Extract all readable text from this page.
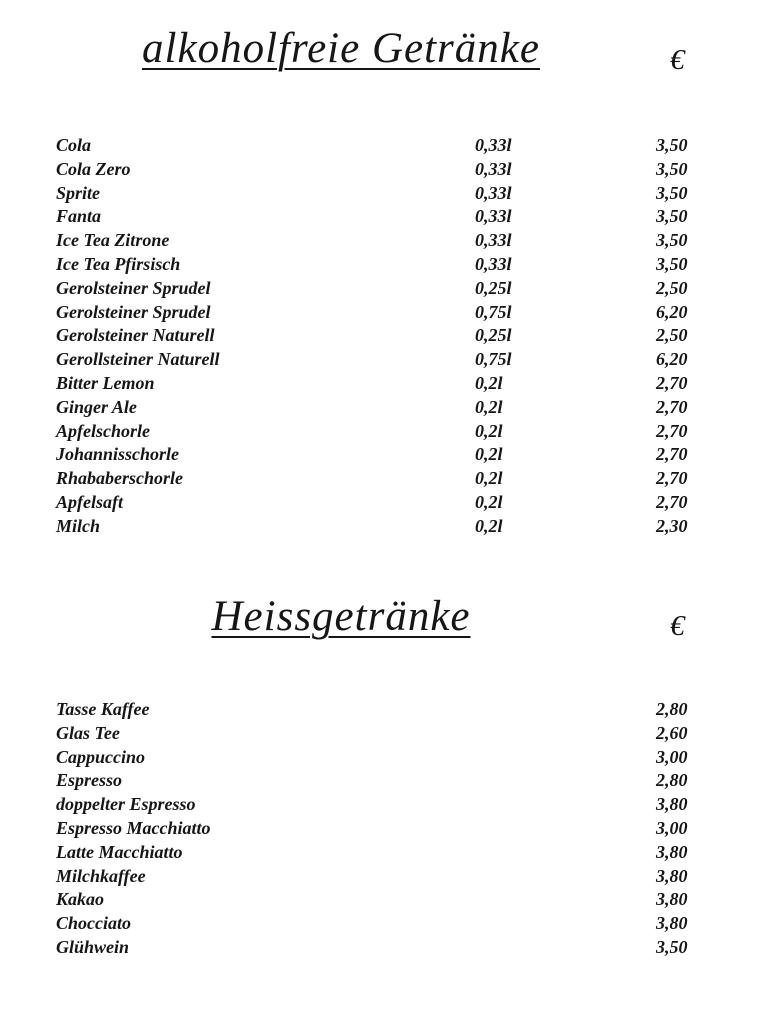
alkoholfreie Getränke	€
Cola	0,33l	3,50
Cola Zero	0,33l	3,50
Sprite	0,33l	3,50
Fanta	0,33l	3,50
Ice Tea Zitrone	0,33l	3,50
Ice Tea Pfirsisch	0,33l	3,50
Gerolsteiner Sprudel	0,25l	2,50
Gerolsteiner Sprudel	0,75l	6,20
Gerolsteiner Naturell	0,25l	2,50
Gerollsteiner Naturell	0,75l	6,20
Bitter Lemon	0,2l	2,70
Ginger Ale	0,2l	2,70
Apfelschorle	0,2l	2,70
Johannisschorle	0,2l	2,70
Rhababerschorle	0,2l	2,70
Apfelsaft	0,2l	2,70
Milch	0,2l	2,30
Heissgetränke	€
Tasse Kaffee	2,80
Glas Tee	2,60
Cappuccino	3,00
Espresso	2,80
doppelter Espresso	3,80
Espresso Macchiatto	3,00
Latte Macchiatto	3,80
Milchkaffee	3,80
Kakao	3,80
Chocciato	3,80
Glühwein	3,50
